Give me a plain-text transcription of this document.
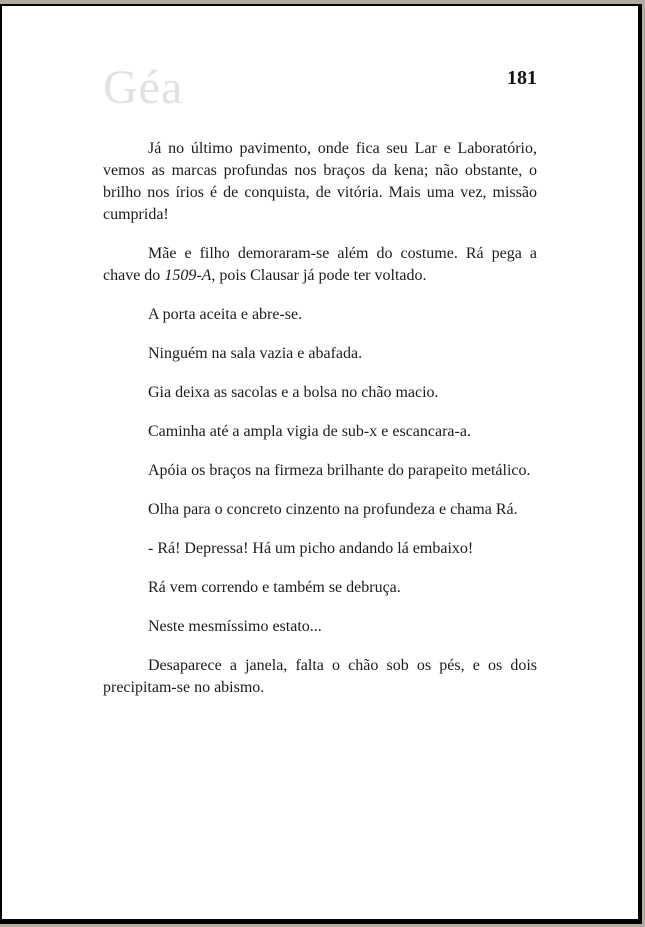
Géa	181

Já no último pavimento, onde fica seu Lar e Laboratório, vemos as marcas profundas nos braços da kena; não obstante, o brilho nos írios é de conquista, de vitória. Mais uma vez, missão cumprida!

Mãe e filho demoraram-se além do costume. Rá pega a chave do 1509-A, pois Clausar já pode ter voltado.

A porta aceita e abre-se.

Ninguém na sala vazia e abafada.

Gia deixa as sacolas e a bolsa no chão macio.

Caminha até a ampla vigia de sub-x e escancara-a.

Apóia os braços na firmeza brilhante do parapeito metálico.

Olha para o concreto cinzento na profundeza e chama Rá.

- Rá! Depressa! Há um picho andando lá embaixo!

Rá vem correndo e também se debruça.

Neste mesmíssimo estato...

Desaparece a janela, falta o chão sob os pés, e os dois precipitam-se no abismo.
